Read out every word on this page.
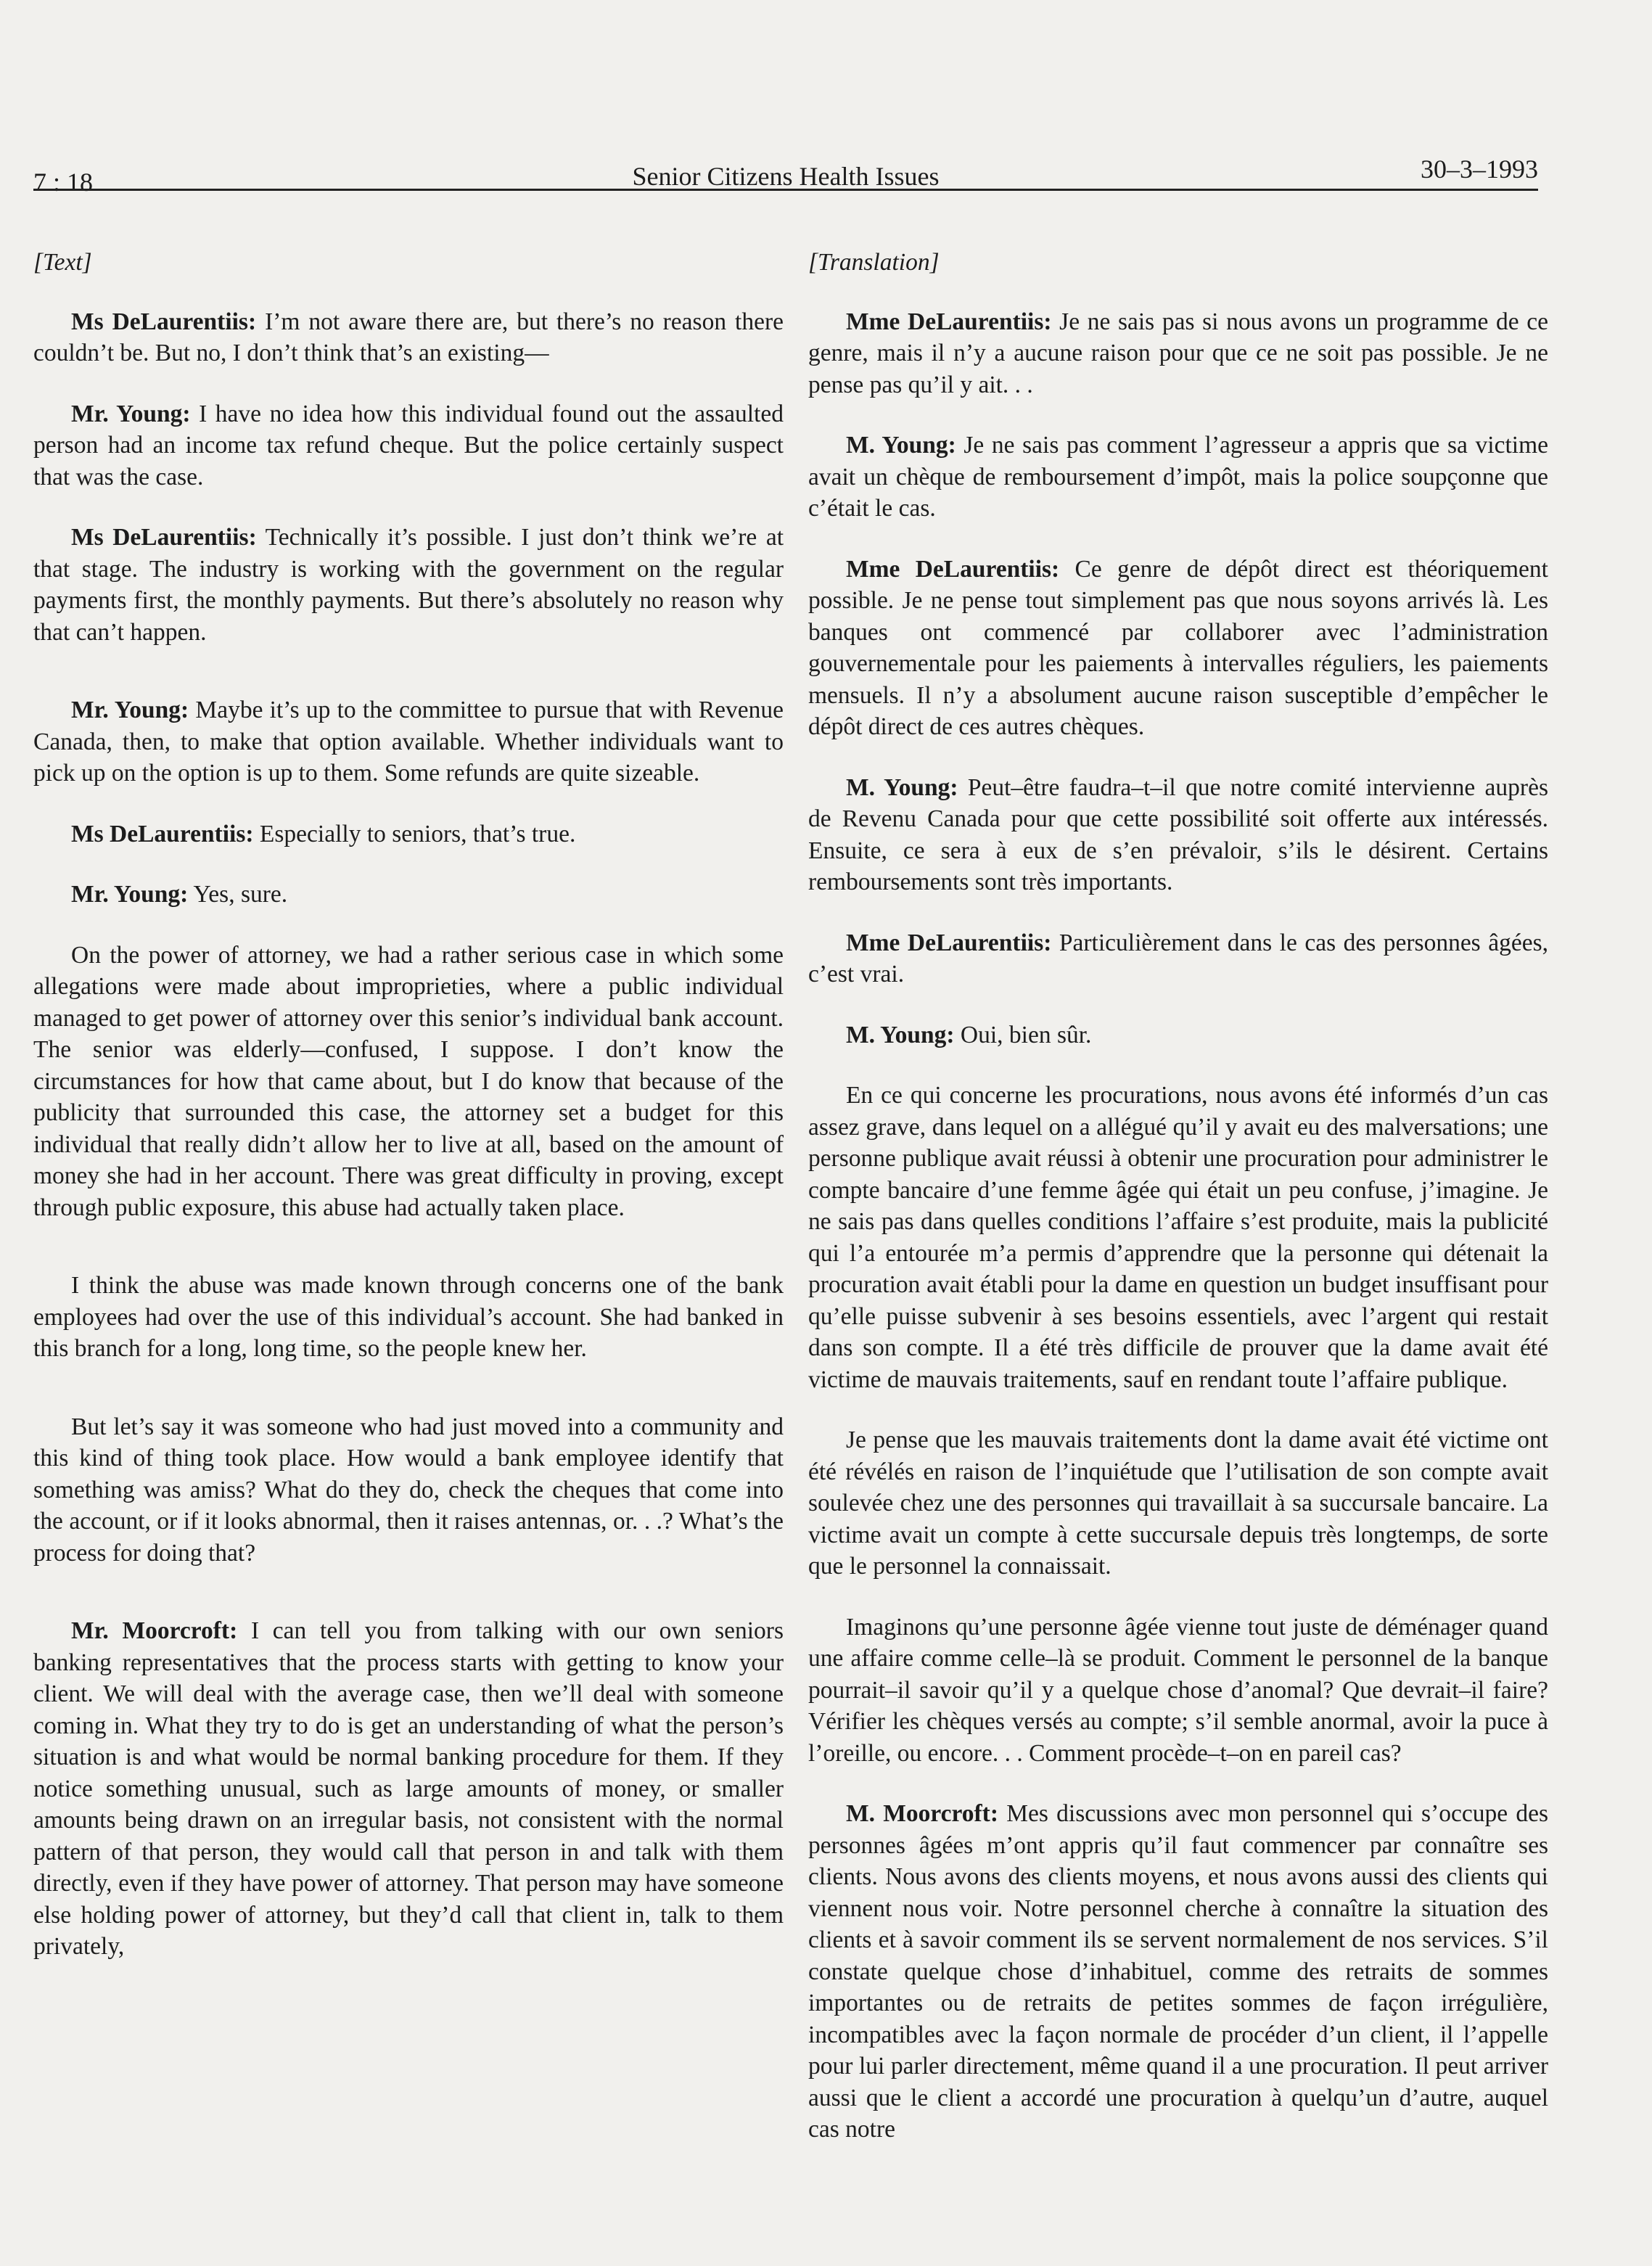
7 : 18	Senior Citizens Health Issues	30–3–1993
[Text]

Ms DeLaurentiis: I’m not aware there are, but there’s no reason there couldn’t be. But no, I don’t think that’s an existing—

Mr. Young: I have no idea how this individual found out the assaulted person had an income tax refund cheque. But the police certainly suspect that was the case.

Ms DeLaurentiis: Technically it’s possible. I just don’t think we’re at that stage. The industry is working with the government on the regular payments first, the monthly payments. But there’s absolutely no reason why that can’t happen.

Mr. Young: Maybe it’s up to the committee to pursue that with Revenue Canada, then, to make that option available. Whether individuals want to pick up on the option is up to them. Some refunds are quite sizeable.

Ms DeLaurentiis: Especially to seniors, that’s true.

Mr. Young: Yes, sure.

On the power of attorney, we had a rather serious case in which some allegations were made about improprieties, where a public individual managed to get power of attorney over this senior’s individual bank account. The senior was elderly—confused, I suppose. I don’t know the circumstances for how that came about, but I do know that because of the publicity that surrounded this case, the attorney set a budget for this individual that really didn’t allow her to live at all, based on the amount of money she had in her account. There was great difficulty in proving, except through public exposure, this abuse had actually taken place.

I think the abuse was made known through concerns one of the bank employees had over the use of this individual’s account. She had banked in this branch for a long, long time, so the people knew her.

But let’s say it was someone who had just moved into a community and this kind of thing took place. How would a bank employee identify that something was amiss? What do they do, check the cheques that come into the account, or if it looks abnormal, then it raises antennas, or. . .? What’s the process for doing that?

Mr. Moorcroft: I can tell you from talking with our own seniors banking representatives that the process starts with getting to know your client. We will deal with the average case, then we’ll deal with someone coming in. What they try to do is get an understanding of what the person’s situation is and what would be normal banking procedure for them. If they notice something unusual, such as large amounts of money, or smaller amounts being drawn on an irregular basis, not consistent with the normal pattern of that person, they would call that person in and talk with them directly, even if they have power of attorney. That person may have someone else holding power of attorney, but they’d call that client in, talk to them privately,

[Translation]

Mme DeLaurentiis: Je ne sais pas si nous avons un programme de ce genre, mais il n’y a aucune raison pour que ce ne soit pas possible. Je ne pense pas qu’il y ait. . .

M. Young: Je ne sais pas comment l’agresseur a appris que sa victime avait un chèque de remboursement d’impôt, mais la police soupçonne que c’était le cas.

Mme DeLaurentiis: Ce genre de dépôt direct est théoriquement possible. Je ne pense tout simplement pas que nous soyons arrivés là. Les banques ont commencé par collaborer avec l’administration gouvernementale pour les paiements à intervalles réguliers, les paiements mensuels. Il n’y a absolument aucune raison susceptible d’empêcher le dépôt direct de ces autres chèques.

M. Young: Peut–être faudra–t–il que notre comité intervienne auprès de Revenu Canada pour que cette possibilité soit offerte aux intéressés. Ensuite, ce sera à eux de s’en prévaloir, s’ils le désirent. Certains remboursements sont très importants.

Mme DeLaurentiis: Particulièrement dans le cas des personnes âgées, c’est vrai.

M. Young: Oui, bien sûr.

En ce qui concerne les procurations, nous avons été informés d’un cas assez grave, dans lequel on a allégué qu’il y avait eu des malversations; une personne publique avait réussi à obtenir une procuration pour administrer le compte bancaire d’une femme âgée qui était un peu confuse, j’imagine. Je ne sais pas dans quelles conditions l’affaire s’est produite, mais la publicité qui l’a entourée m’a permis d’apprendre que la personne qui détenait la procuration avait établi pour la dame en question un budget insuffisant pour qu’elle puisse subvenir à ses besoins essentiels, avec l’argent qui restait dans son compte. Il a été très difficile de prouver que la dame avait été victime de mauvais traitements, sauf en rendant toute l’affaire publique.

Je pense que les mauvais traitements dont la dame avait été victime ont été révélés en raison de l’inquiétude que l’utilisation de son compte avait soulevée chez une des personnes qui travaillait à sa succursale bancaire. La victime avait un compte à cette succursale depuis très longtemps, de sorte que le personnel la connaissait.

Imaginons qu’une personne âgée vienne tout juste de déménager quand une affaire comme celle–là se produit. Comment le personnel de la banque pourrait–il savoir qu’il y a quelque chose d’anomal? Que devrait–il faire? Vérifier les chèques versés au compte; s’il semble anormal, avoir la puce à l’oreille, ou encore. . . Comment procède–t–on en pareil cas?

M. Moorcroft: Mes discussions avec mon personnel qui s’occupe des personnes âgées m’ont appris qu’il faut commencer par connaître ses clients. Nous avons des clients moyens, et nous avons aussi des clients qui viennent nous voir. Notre personnel cherche à connaître la situation des clients et à savoir comment ils se servent normalement de nos services. S’il constate quelque chose d’inhabituel, comme des retraits de sommes importantes ou de retraits de petites sommes de façon irrégulière, incompatibles avec la façon normale de procéder d’un client, il l’appelle pour lui parler directement, même quand il a une procuration. Il peut arriver aussi que le client a accordé une procuration à quelqu’un d’autre, auquel cas notre
